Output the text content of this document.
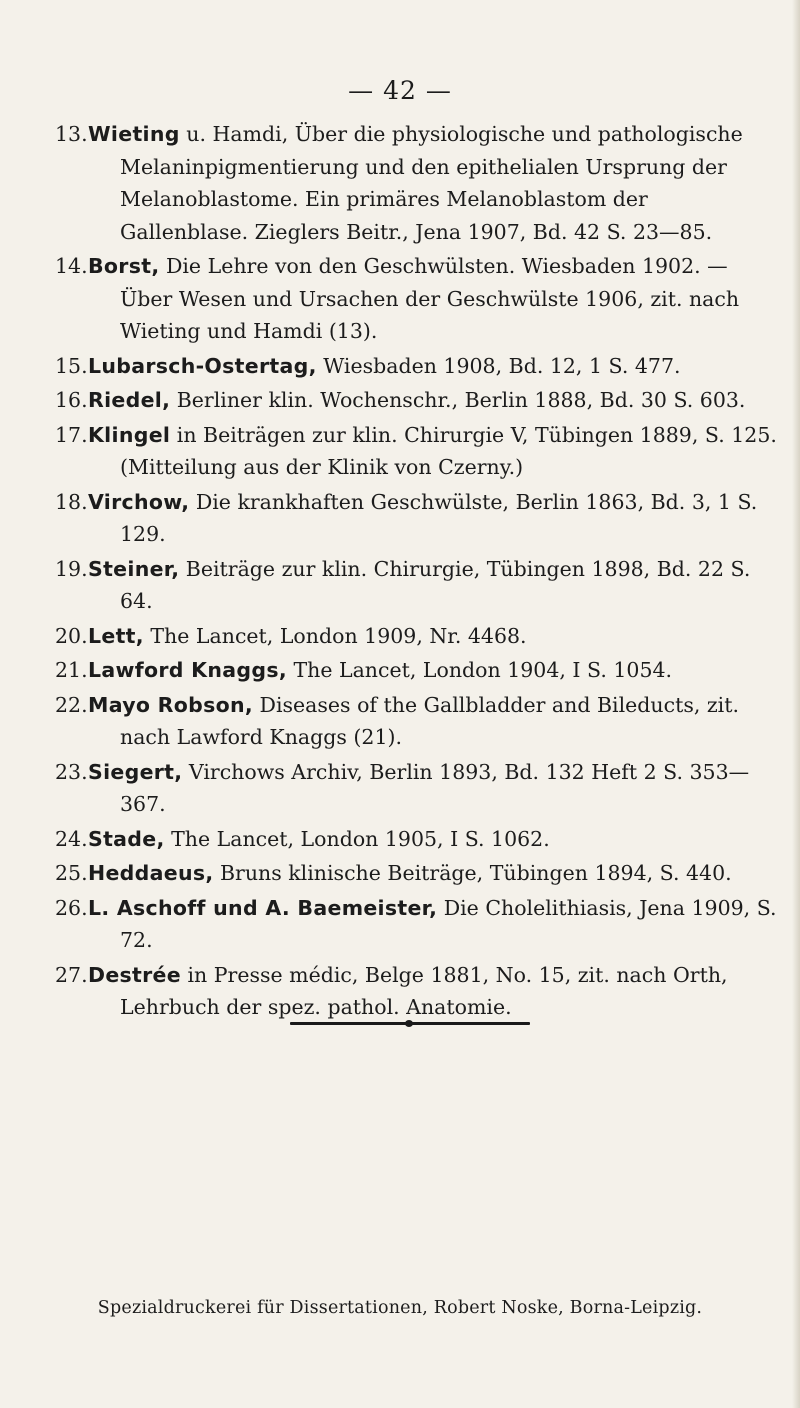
— 42 —
13. Wieting u. Hamdi, Über die physiologische und pathologische Melaninpigmentierung und den epithelialen Ursprung der Melanoblastome. Ein primäres Melanoblastom der Gallenblase. Zieglers Beitr., Jena 1907, Bd. 42 S. 23—85.
14. Borst, Die Lehre von den Geschwülsten. Wiesbaden 1902. — Über Wesen und Ursachen der Geschwülste 1906, zit. nach Wieting und Hamdi (13).
15. Lubarsch-Ostertag, Wiesbaden 1908, Bd. 12, 1 S. 477.
16. Riedel, Berliner klin. Wochenschr., Berlin 1888, Bd. 30 S. 603.
17. Klingel in Beiträgen zur klin. Chirurgie V, Tübingen 1889, S. 125. (Mitteilung aus der Klinik von Czerny.)
18. Virchow, Die krankhaften Geschwülste, Berlin 1863, Bd. 3, 1 S. 129.
19. Steiner, Beiträge zur klin. Chirurgie, Tübingen 1898, Bd. 22 S. 64.
20. Lett, The Lancet, London 1909, Nr. 4468.
21. Lawford Knaggs, The Lancet, London 1904, I S. 1054.
22. Mayo Robson, Diseases of the Gallbladder and Bileducts, zit. nach Lawford Knaggs (21).
23. Siegert, Virchows Archiv, Berlin 1893, Bd. 132 Heft 2 S. 353—367.
24. Stade, The Lancet, London 1905, I S. 1062.
25. Heddaeus, Bruns klinische Beiträge, Tübingen 1894, S. 440.
26. L. Aschoff und A. Baemeister, Die Cholelithiasis, Jena 1909, S. 72.
27. Destrée in Presse médic, Belge 1881, No. 15, zit. nach Orth, Lehrbuch der spez. pathol. Anatomie.
Spezialdruckerei für Dissertationen, Robert Noske, Borna-Leipzig.
